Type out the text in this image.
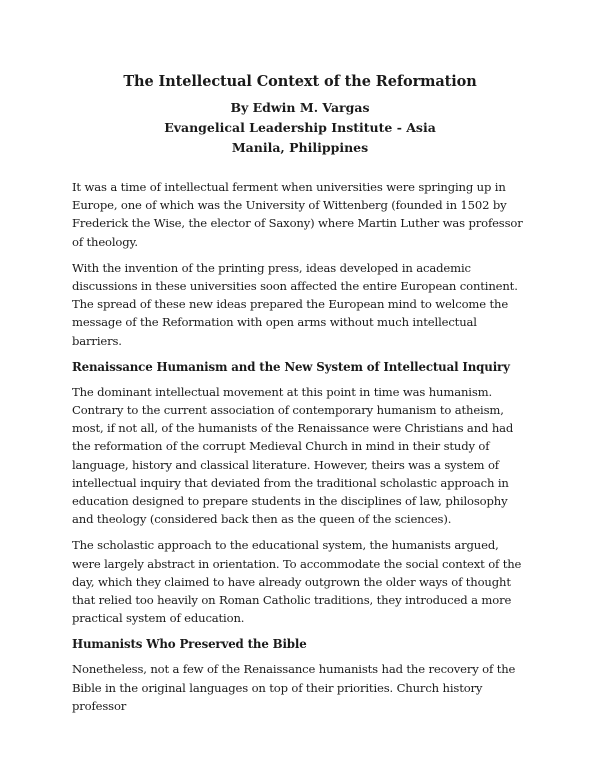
The Intellectual Context of the Reformation
By Edwin M. Vargas
Evangelical Leadership Institute - Asia
Manila, Philippines

It was a time of intellectual ferment when universities were springing up in Europe, one of which was the University of Wittenberg (founded in 1502 by Frederick the Wise, the elector of Saxony) where Martin Luther was professor of theology.

With the invention of the printing press, ideas developed in academic discussions in these universities soon affected the entire European continent. The spread of these new ideas prepared the European mind to welcome the message of the Reformation with open arms without much intellectual barriers.

Renaissance Humanism and the New System of Intellectual Inquiry

The dominant intellectual movement at this point in time was humanism. Contrary to the current association of contemporary humanism to atheism, most, if not all, of the humanists of the Renaissance were Christians and had the reformation of the corrupt Medieval Church in mind in their study of language, history and classical literature. However, theirs was a system of intellectual inquiry that deviated from the traditional scholastic approach in education designed to prepare students in the disciplines of law, philosophy and theology (considered back then as the queen of the sciences).

The scholastic approach to the educational system, the humanists argued, were largely abstract in orientation. To accommodate the social context of the day, which they claimed to have already outgrown the older ways of thought that relied too heavily on Roman Catholic traditions, they introduced a more practical system of education.

Humanists Who Preserved the Bible

Nonetheless, not a few of the Renaissance humanists had the recovery of the Bible in the original languages on top of their priorities. Church history professor
